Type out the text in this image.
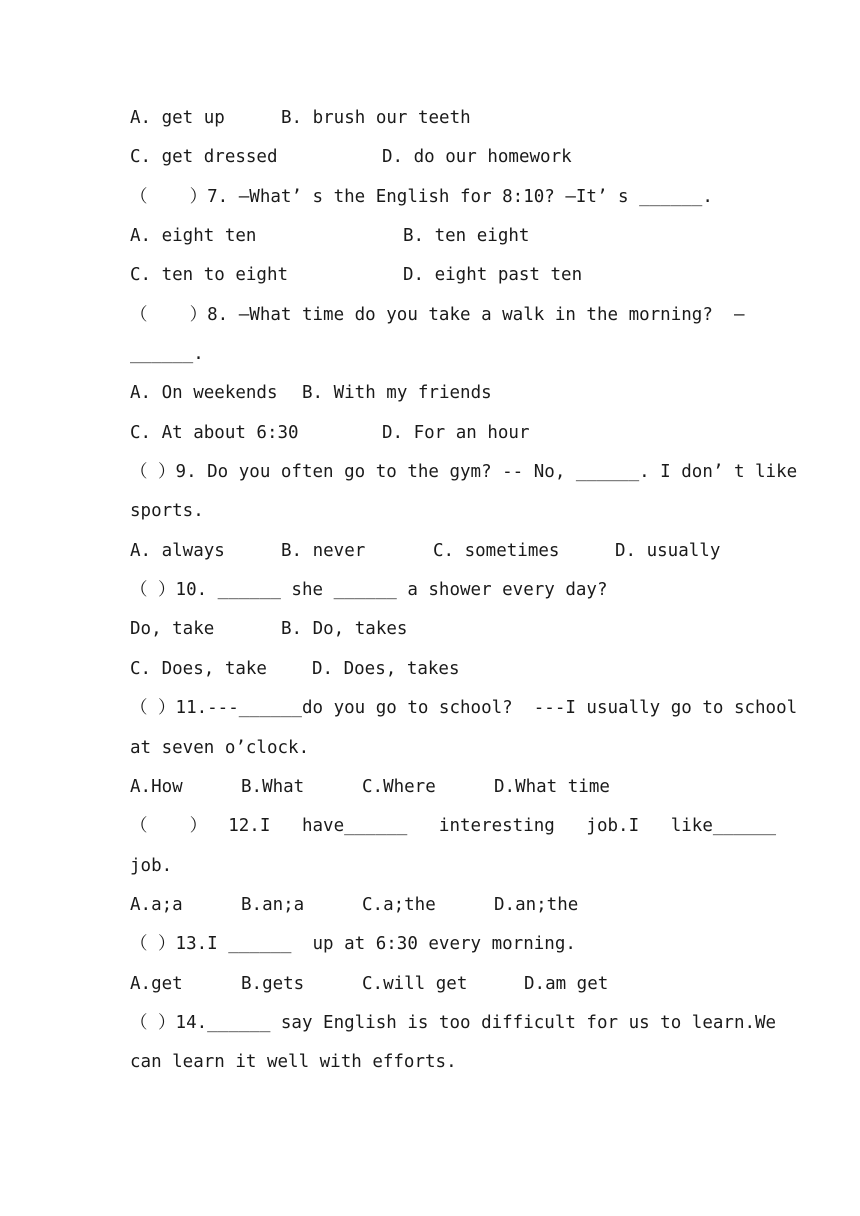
A. get up

	B. brush our teeth

C. get dressed

	D. do our homework

（    ）7. —What’ s the English for 8:10? —It’ s ______.

A. eight ten

	B. ten eight

C. ten to eight

	D. eight past ten

（    ）8. —What time do you take a walk in the morning?  —
______.

A. On weekends

B. With my friends

C. At about 6:30

	D. For an hour

（ ）9. Do you often go to the gym? -- No, ______. I don’ t like
sports.

A. always

	B. never

	C. sometimes

	D. usually

（ ）10. ______ she ______ a shower every day?

Do, take

	B. Do, takes

C. Does, take

	D. Does, takes

（ ）11.---______do you go to school?  ---I usually go to school
at seven o’clock.

A.How

	B.What

	C.Where

	D.What time

（    ）  12.I   have______   interesting   job.I   like______
job.

A.a;a

	B.an;a

	C.a;the

	D.an;the

（ ）13.I ______  up at 6:30 every morning.

A.get

	B.gets

	C.will get

	D.am get

（ ）14.______ say English is too difficult for us to learn.We
can learn it well with efforts.
